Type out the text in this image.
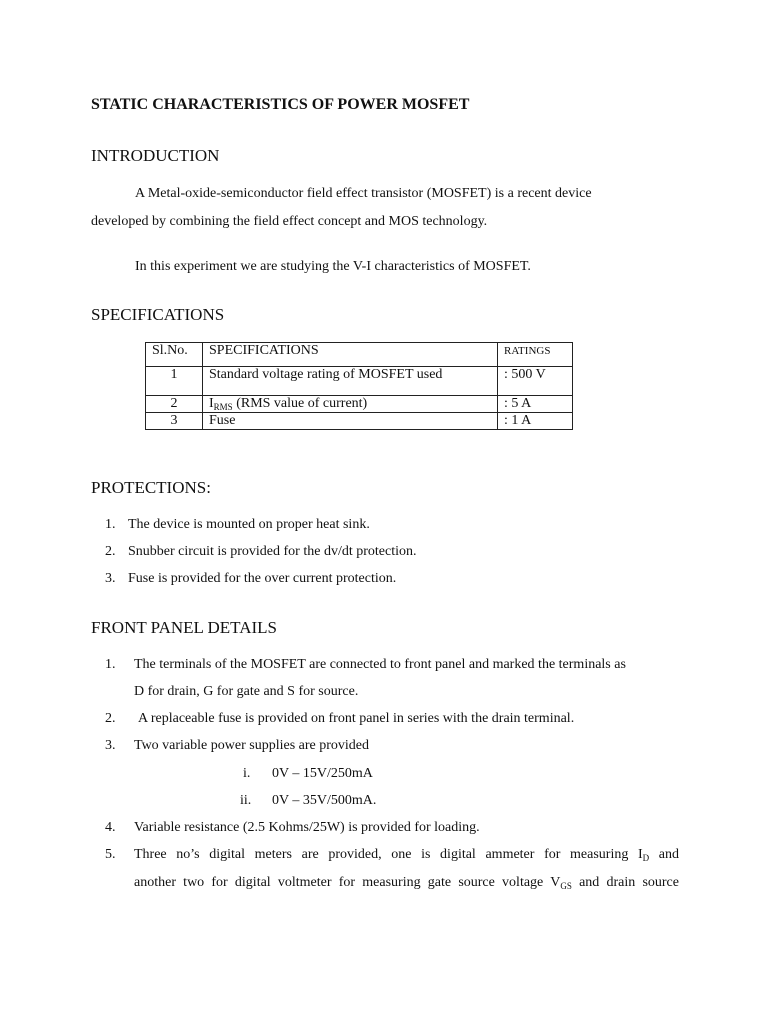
STATIC CHARACTERISTICS OF POWER MOSFET
INTRODUCTION
A Metal-oxide-semiconductor field effect transistor (MOSFET) is a recent device
developed by combining the field effect concept and MOS technology.
In this experiment we are studying the V-I characteristics of MOSFET.
SPECIFICATIONS
Sl.No.	SPECIFICATIONS	RATINGS
1	Standard voltage rating of MOSFET used	: 500 V
2	$I_{RMS}$ (RMS value of current)	: 5 A
3	Fuse	: 1 A
PROTECTIONS:
1. The device is mounted on proper heat sink.
2. Snubber circuit is provided for the dv/dt protection.
3. Fuse is provided for the over current protection.
FRONT PANEL DETAILS
1. The terminals of the MOSFET are connected to front panel and marked the terminals as
D for drain, G for gate and S for source.
2. A replaceable fuse is provided on front panel in series with the drain terminal.
3. Two variable power supplies are provided
i. 0V – 15V/250mA
ii. 0V – 35V/500mA.
4. Variable resistance (2.5 Kohms/25W) is provided for loading.
5. Three no’s digital meters are provided, one is digital ammeter for measuring $I_D$ and
another two for digital voltmeter for measuring gate source voltage $V_{GS}$ and drain source
